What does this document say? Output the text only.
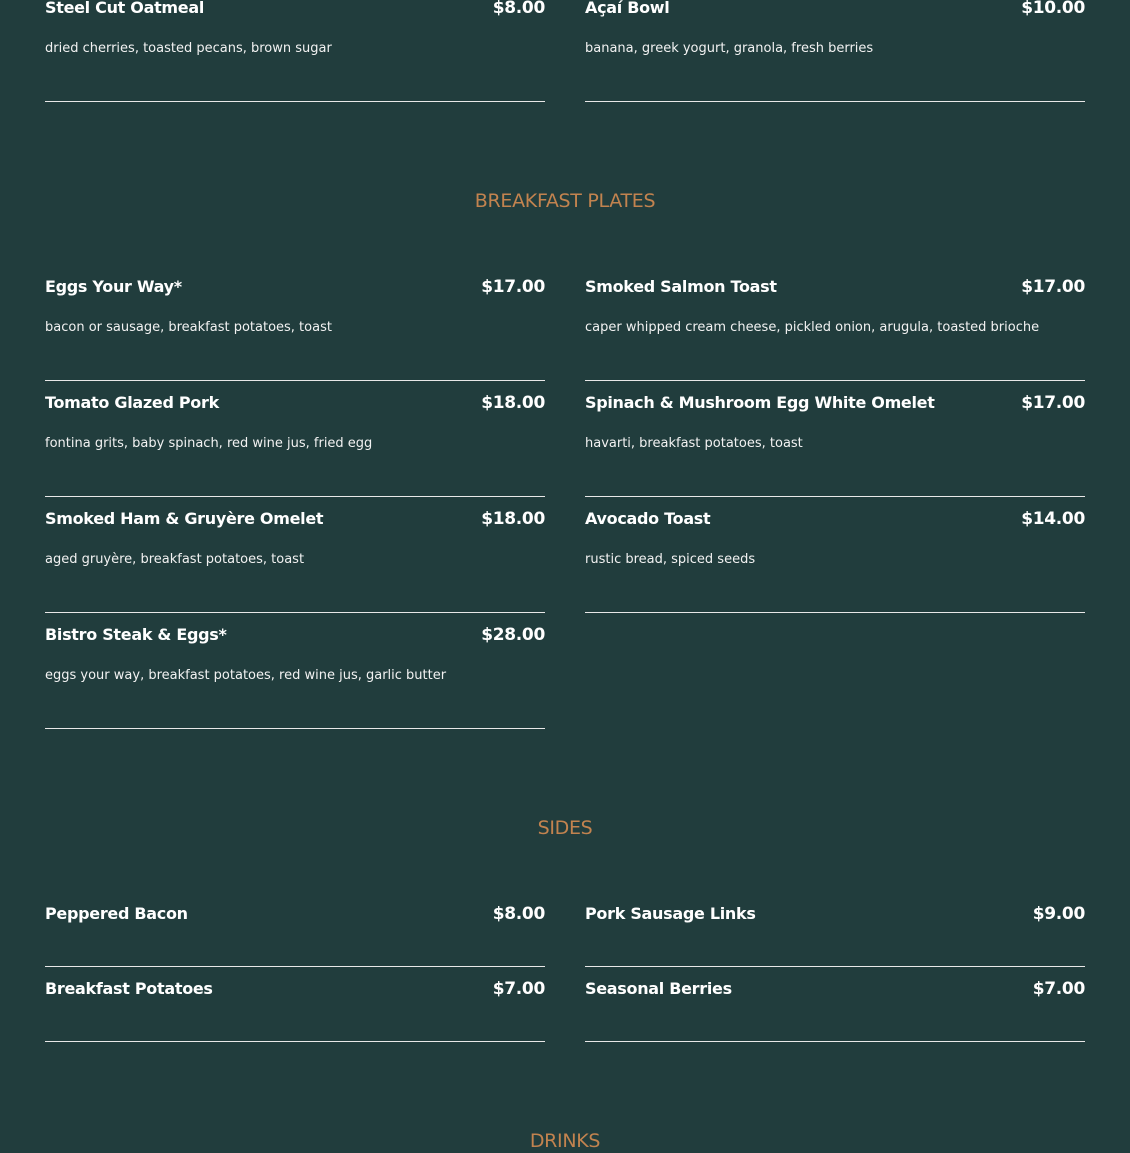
Steel Cut Oatmeal	$8.00
dried cherries, toasted pecans, brown sugar
Açaí Bowl	$10.00
banana, greek yogurt, granola, fresh berries
BREAKFAST PLATES
Eggs Your Way*	$17.00
bacon or sausage, breakfast potatoes, toast
Smoked Salmon Toast	$17.00
caper whipped cream cheese, pickled onion, arugula, toasted brioche
Tomato Glazed Pork	$18.00
fontina grits, baby spinach, red wine jus, fried egg
Spinach & Mushroom Egg White Omelet	$17.00
havarti, breakfast potatoes, toast
Smoked Ham & Gruyère Omelet	$18.00
aged gruyère, breakfast potatoes, toast
Avocado Toast	$14.00
rustic bread, spiced seeds
Bistro Steak & Eggs*	$28.00
eggs your way, breakfast potatoes, red wine jus, garlic butter
SIDES
Peppered Bacon	$8.00	Pork Sausage Links	$9.00
Breakfast Potatoes	$7.00	Seasonal Berries	$7.00
DRINKS
